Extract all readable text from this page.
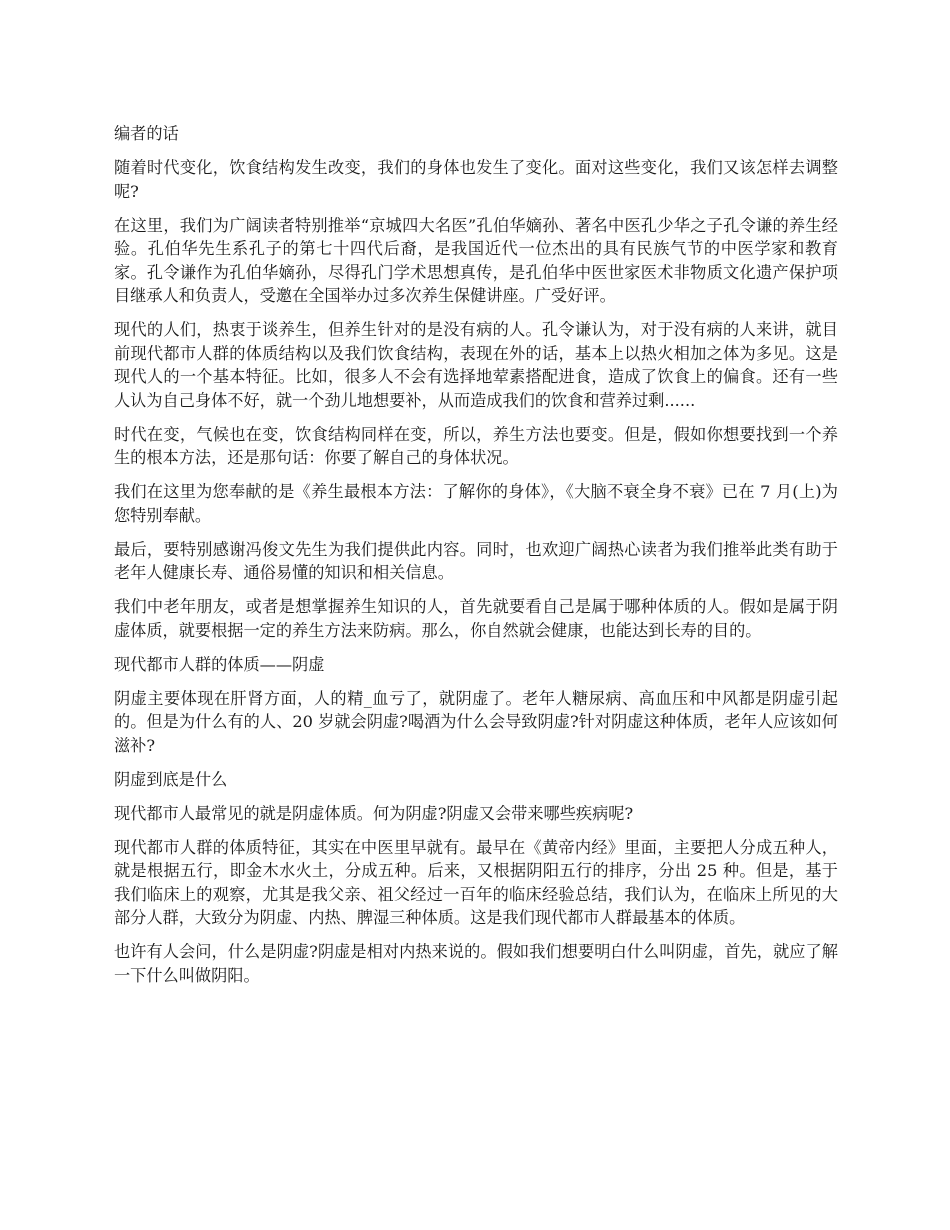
编者的话

随着时代变化，饮食结构发生改变，我们的身体也发生了变化。面对这些变化，我们又该怎样去调整呢?

在这里，我们为广阔读者特别推举“京城四大名医”孔伯华嫡孙、著名中医孔少华之子孔令谦的养生经验。孔伯华先生系孔子的第七十四代后裔，是我国近代一位杰出的具有民族气节的中医学家和教育家。孔令谦作为孔伯华嫡孙，尽得孔门学术思想真传，是孔伯华中医世家医术非物质文化遗产保护项目继承人和负责人，受邀在全国举办过多次养生保健讲座。广受好评。

现代的人们，热衷于谈养生，但养生针对的是没有病的人。孔令谦认为，对于没有病的人来讲，就目前现代都市人群的体质结构以及我们饮食结构，表现在外的话，基本上以热火相加之体为多见。这是现代人的一个基本特征。比如，很多人不会有选择地荤素搭配进食，造成了饮食上的偏食。还有一些人认为自己身体不好，就一个劲儿地想要补，从而造成我们的饮食和营养过剩......

时代在变，气候也在变，饮食结构同样在变，所以，养生方法也要变。但是，假如你想要找到一个养生的根本方法，还是那句话：你要了解自己的身体状况。

我们在这里为您奉献的是《养生最根本方法：了解你的身体》，《大脑不衰全身不衰》已在 7 月(上)为您特别奉献。

最后，要特别感谢冯俊文先生为我们提供此内容。同时，也欢迎广阔热心读者为我们推举此类有助于老年人健康长寿、通俗易懂的知识和相关信息。

我们中老年朋友，或者是想掌握养生知识的人，首先就要看自己是属于哪种体质的人。假如是属于阴虚体质，就要根据一定的养生方法来防病。那么，你自然就会健康，也能达到长寿的目的。

现代都市人群的体质——阴虚

阴虚主要体现在肝肾方面，人的精_血亏了，就阴虚了。老年人糖尿病、高血压和中风都是阴虚引起的。但是为什么有的人、20 岁就会阴虚?喝酒为什么会导致阴虚?针对阴虚这种体质，老年人应该如何滋补?

阴虚到底是什么

现代都市人最常见的就是阴虚体质。何为阴虚?阴虚又会带来哪些疾病呢?

现代都市人群的体质特征，其实在中医里早就有。最早在《黄帝内经》里面，主要把人分成五种人，就是根据五行，即金木水火土，分成五种。后来，又根据阴阳五行的排序，分出 25 种。但是，基于我们临床上的观察，尤其是我父亲、祖父经过一百年的临床经验总结，我们认为，在临床上所见的大部分人群，大致分为阴虚、内热、脾湿三种体质。这是我们现代都市人群最基本的体质。

也许有人会问，什么是阴虚?阴虚是相对内热来说的。假如我们想要明白什么叫阴虚，首先，就应了解一下什么叫做阴阳。
